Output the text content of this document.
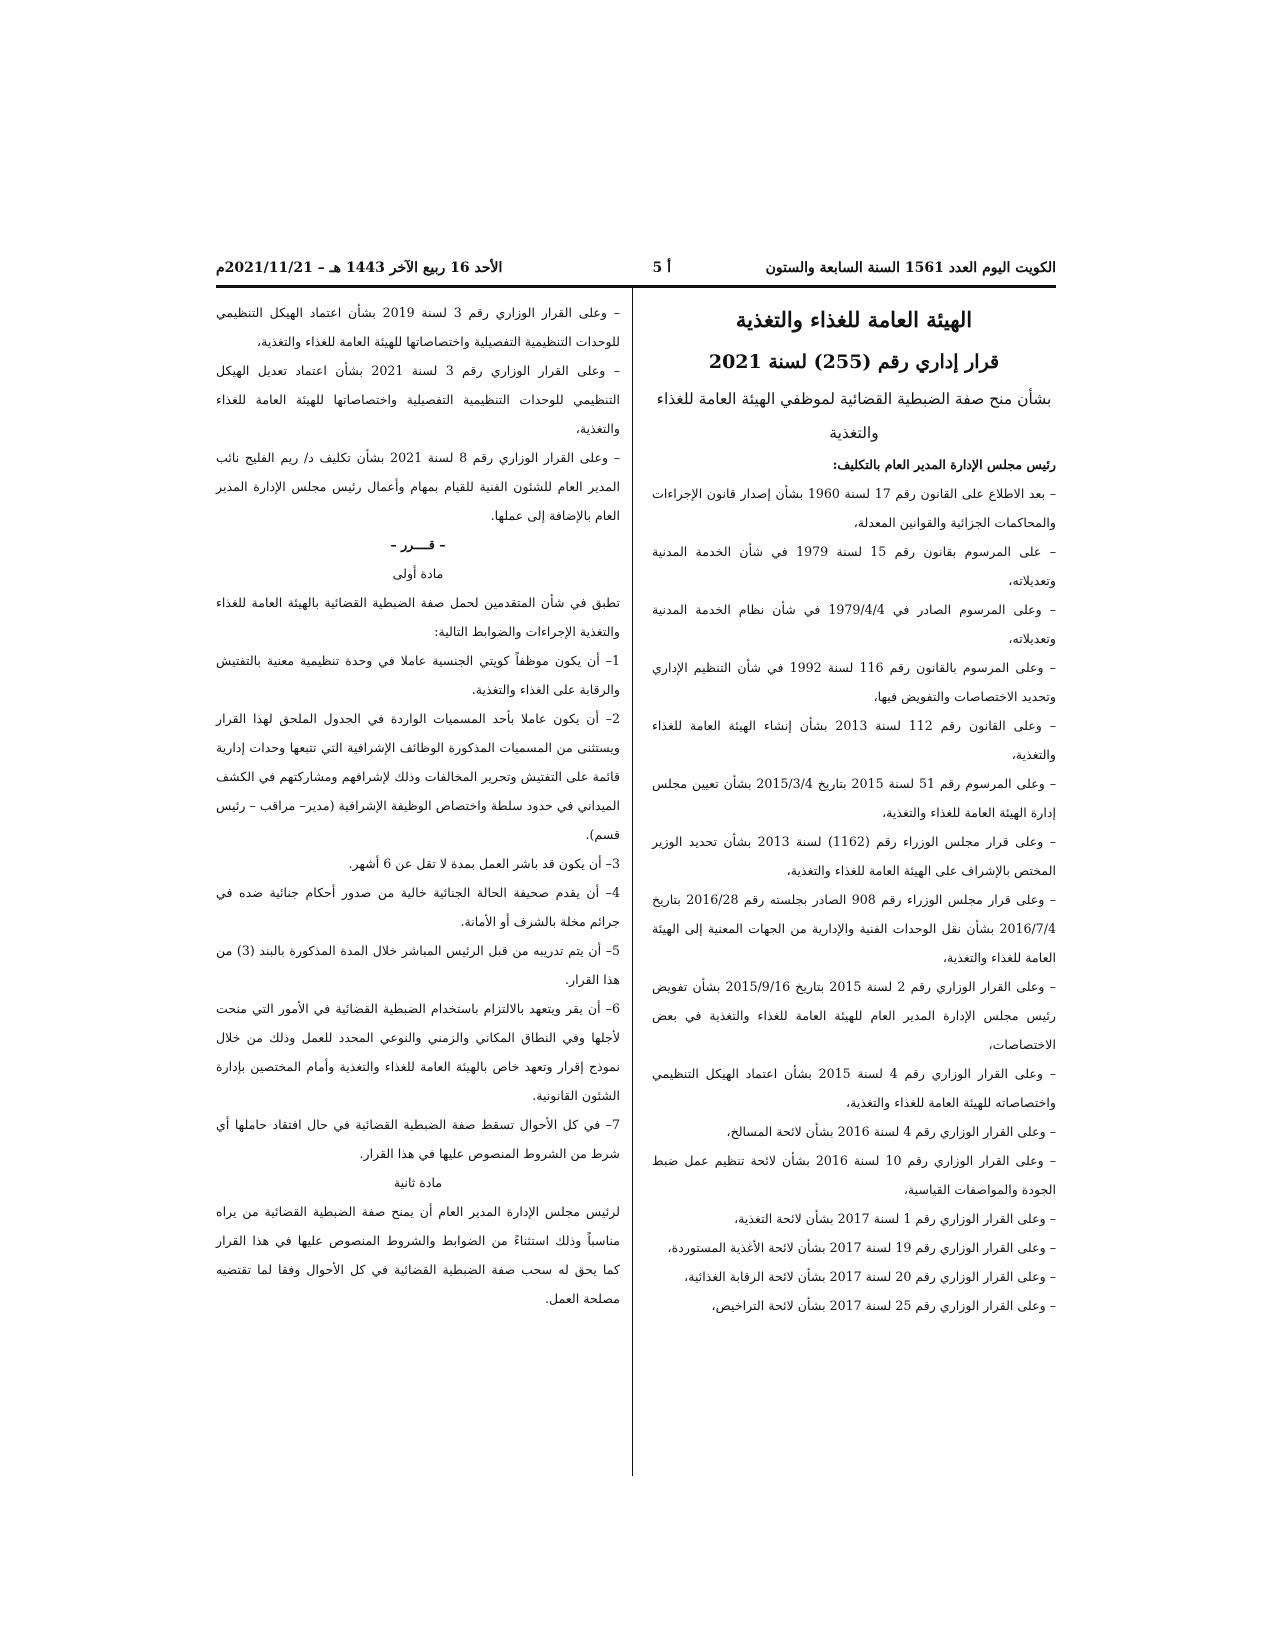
الكويت اليوم العدد 1561 السنة السابعة والستون
أ 5
الأحد 16 ربيع الآخر 1443 هـ – 2021/11/21م

الهيئة العامة للغذاء والتغذية

قرار إداري رقم (255) لسنة 2021

بشأن منح صفة الضبطية القضائية لموظفي الهيئة العامة للغذاء والتغذية

رئيس مجلس الإدارة المدير العام بالتكليف:

– بعد الاطلاع على القانون رقم 17 لسنة 1960 بشأن إصدار قانون الإجراءات والمحاكمات الجزائية والقوانين المعدلة،

– على المرسوم بقانون رقم 15 لسنة 1979 في شأن الخدمة المدنية وتعديلاته،

– وعلى المرسوم الصادر في 1979/4/4 في شأن نظام الخدمة المدنية وتعديلاته،

– وعلى المرسوم بالقانون رقم 116 لسنة 1992 في شأن التنظيم الإداري وتحديد الاختصاصات والتفويض فيها،

– وعلى القانون رقم 112 لسنة 2013 بشأن إنشاء الهيئة العامة للغذاء والتغذية،

– وعلى المرسوم رقم 51 لسنة 2015 بتاريخ 2015/3/4 بشأن تعيين مجلس إدارة الهيئة العامة للغذاء والتغذية،

– وعلى قرار مجلس الوزراء رقم (1162) لسنة 2013 بشأن تحديد الوزير المختص بالإشراف على الهيئة العامة للغذاء والتغذية،

– وعلى قرار مجلس الوزراء رقم 908 الصادر بجلسته رقم 2016/28 بتاريخ 2016/7/4 بشأن نقل الوحدات الفنية والإدارية من الجهات المعنية إلى الهيئة العامة للغذاء والتغذية،

– وعلى القرار الوزاري رقم 2 لسنة 2015 بتاريخ 2015/9/16 بشأن تفويض رئيس مجلس الإدارة المدير العام للهيئة العامة للغذاء والتغذية في بعض الاختصاصات،

– وعلى القرار الوزاري رقم 4 لسنة 2015 بشأن اعتماد الهيكل التنظيمي واختصاصاته للهيئة العامة للغذاء والتغذية،

– وعلى القرار الوزاري رقم 4 لسنة 2016 بشأن لائحة المسالخ،

– وعلى القرار الوزاري رقم 10 لسنة 2016 بشأن لائحة تنظيم عمل ضبط الجودة والمواصفات القياسية،

– وعلى القرار الوزاري رقم 1 لسنة 2017 بشأن لائحة التغذية،

– وعلى القرار الوزاري رقم 19 لسنة 2017 بشأن لائحة الأغذية المستوردة،

– وعلى القرار الوزاري رقم 20 لسنة 2017 بشأن لائحة الرقابة الغذائية،

– وعلى القرار الوزاري رقم 25 لسنة 2017 بشأن لائحة التراخيص،

– وعلى القرار الوزاري رقم 3 لسنة 2019 بشأن اعتماد الهيكل التنظيمي للوحدات التنظيمية التفصيلية واختصاصاتها للهيئة العامة للغذاء والتغذية،

– وعلى القرار الوزاري رقم 3 لسنة 2021 بشأن اعتماد تعديل الهيكل التنظيمي للوحدات التنظيمية التفصيلية واختصاصاتها للهيئة العامة للغذاء والتغذية،

– وعلى القرار الوزاري رقم 8 لسنة 2021 بشأن تكليف د/ ريم الفليج نائب المدير العام للشئون الفنية للقيام بمهام وأعمال رئيس مجلس الإدارة المدير العام بالإضافة إلى عملها.

– قــــرر –

مادة أولى

تطبق في شأن المتقدمين لحمل صفة الضبطية القضائية بالهيئة العامة للغذاء والتغذية الإجراءات والضوابط التالية:

1– أن يكون موظفاً كويتي الجنسية عاملا في وحدة تنظيمية معنية بالتفتيش والرقابة على الغذاء والتغذية.

2– أن يكون عاملا بأحد المسميات الواردة في الجدول الملحق لهذا القرار ويستثنى من المسميات المذكورة الوظائف الإشرافية التي تتبعها وحدات إدارية قائمة على التفتيش وتحرير المخالفات وذلك لإشرافهم ومشاركتهم في الكشف الميداني في حدود سلطة واختصاص الوظيفة الإشرافية (مدير– مراقب – رئيس قسم).

3– أن يكون قد باشر العمل بمدة لا تقل عن 6 أشهر.

4– أن يقدم صحيفة الحالة الجنائية خالية من صدور أحكام جنائية ضده في جرائم مخلة بالشرف أو الأمانة.

5– أن يتم تدريبه من قبل الرئيس المباشر خلال المدة المذكورة بالبند (3) من هذا القرار.

6– أن يقر ويتعهد بالالتزام باستخدام الضبطية القضائية في الأمور التي منحت لأجلها وفي النطاق المكاني والزمني والنوعي المحدد للعمل وذلك من خلال نموذج إقرار وتعهد خاص بالهيئة العامة للغذاء والتغذية وأمام المختصين بإدارة الشئون القانونية.

7– في كل الأحوال تسقط صفة الضبطية القضائية في حال افتقاد حاملها أي شرط من الشروط المنصوص عليها في هذا القرار.

مادة ثانية

لرئيس مجلس الإدارة المدير العام أن يمنح صفة الضبطية القضائية من يراه مناسباً وذلك استثناءً من الضوابط والشروط المنصوص عليها في هذا القرار كما يحق له سحب صفة الضبطية القضائية في كل الأحوال وفقا لما تقتضيه مصلحة العمل.
